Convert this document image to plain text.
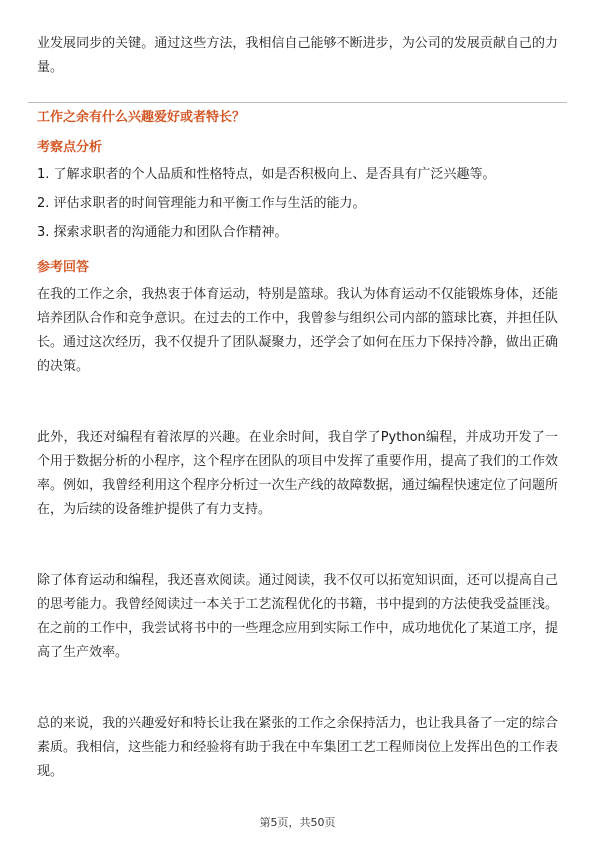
业发展同步的关键。通过这些方法，我相信自己能够不断进步，为公司的发展贡献自己的力量。

工作之余有什么兴趣爱好或者特长？

考察点分析

1. 了解求职者的个人品质和性格特点，如是否积极向上、是否具有广泛兴趣等。

2. 评估求职者的时间管理能力和平衡工作与生活的能力。

3. 探索求职者的沟通能力和团队合作精神。

参考回答

在我的工作之余，我热衷于体育运动，特别是篮球。我认为体育运动不仅能锻炼身体，还能培养团队合作和竞争意识。在过去的工作中，我曾参与组织公司内部的篮球比赛，并担任队长。通过这次经历，我不仅提升了团队凝聚力，还学会了如何在压力下保持冷静，做出正确的决策。

此外，我还对编程有着浓厚的兴趣。在业余时间，我自学了Python编程，并成功开发了一个用于数据分析的小程序，这个程序在团队的项目中发挥了重要作用，提高了我们的工作效率。例如，我曾经利用这个程序分析过一次生产线的故障数据，通过编程快速定位了问题所在，为后续的设备维护提供了有力支持。

除了体育运动和编程，我还喜欢阅读。通过阅读，我不仅可以拓宽知识面，还可以提高自己的思考能力。我曾经阅读过一本关于工艺流程优化的书籍，书中提到的方法使我受益匪浅。在之前的工作中，我尝试将书中的一些理念应用到实际工作中，成功地优化了某道工序，提高了生产效率。

总的来说，我的兴趣爱好和特长让我在紧张的工作之余保持活力，也让我具备了一定的综合素质。我相信，这些能力和经验将有助于我在中车集团工艺工程师岗位上发挥出色的工作表现。

第5页，共50页
